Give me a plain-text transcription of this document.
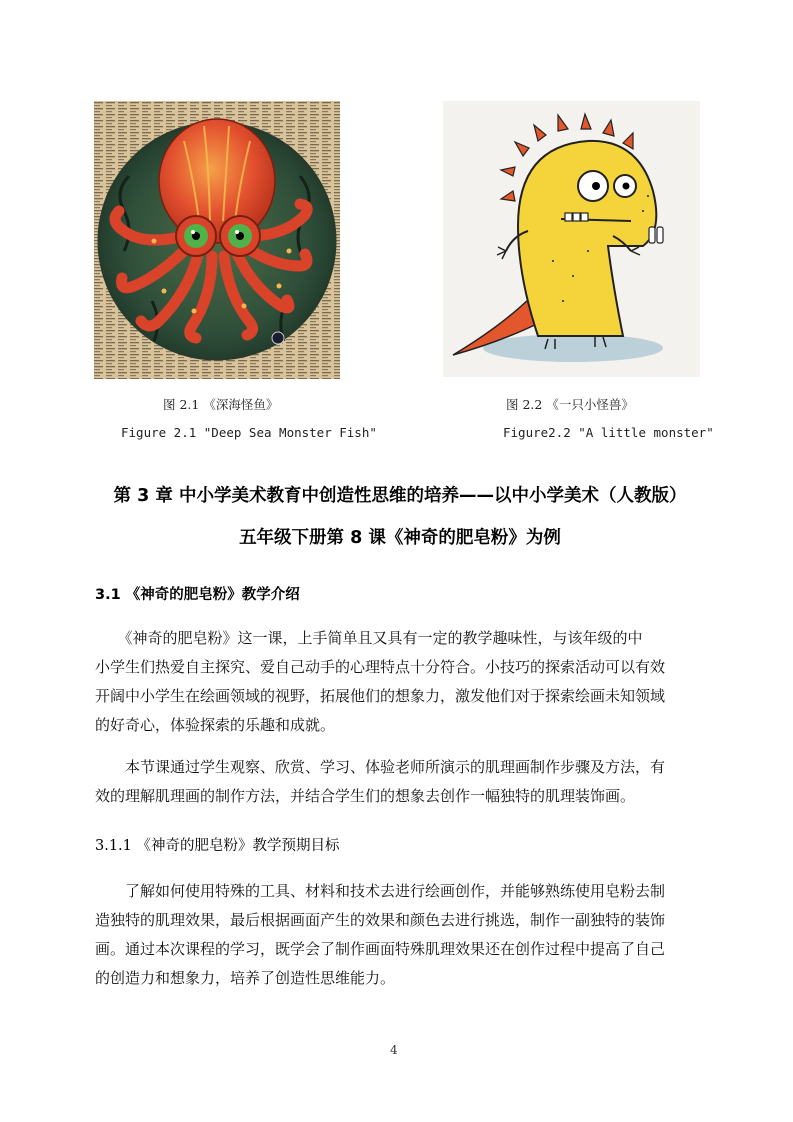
图 2.1 《深海怪鱼》	图 2.2 《一只小怪兽》
Figure 2.1 "Deep Sea Monster Fish"	Figure2.2 "A little monster"
第 3 章 中小学美术教育中创造性思维的培养——以中小学美术（人教版）
五年级下册第 8 课《神奇的肥皂粉》为例
3.1 《神奇的肥皂粉》教学介绍
　　《神奇的肥皂粉》这一课，上手简单且又具有一定的教学趣味性，与该年级的中
小学生们热爱自主探究、爱自己动手的心理特点十分符合。小技巧的探索活动可以有效
开阔中小学生在绘画领域的视野，拓展他们的想象力，激发他们对于探索绘画未知领域
的好奇心，体验探索的乐趣和成就。
　　本节课通过学生观察、欣赏、学习、体验老师所演示的肌理画制作步骤及方法，有
效的理解肌理画的制作方法，并结合学生们的想象去创作一幅独特的肌理装饰画。
3.1.1 《神奇的肥皂粉》教学预期目标
　　了解如何使用特殊的工具、材料和技术去进行绘画创作，并能够熟练使用皂粉去制
造独特的肌理效果，最后根据画面产生的效果和颜色去进行挑选，制作一副独特的装饰
画。通过本次课程的学习，既学会了制作画面特殊肌理效果还在创作过程中提高了自己
的创造力和想象力，培养了创造性思维能力。
4
